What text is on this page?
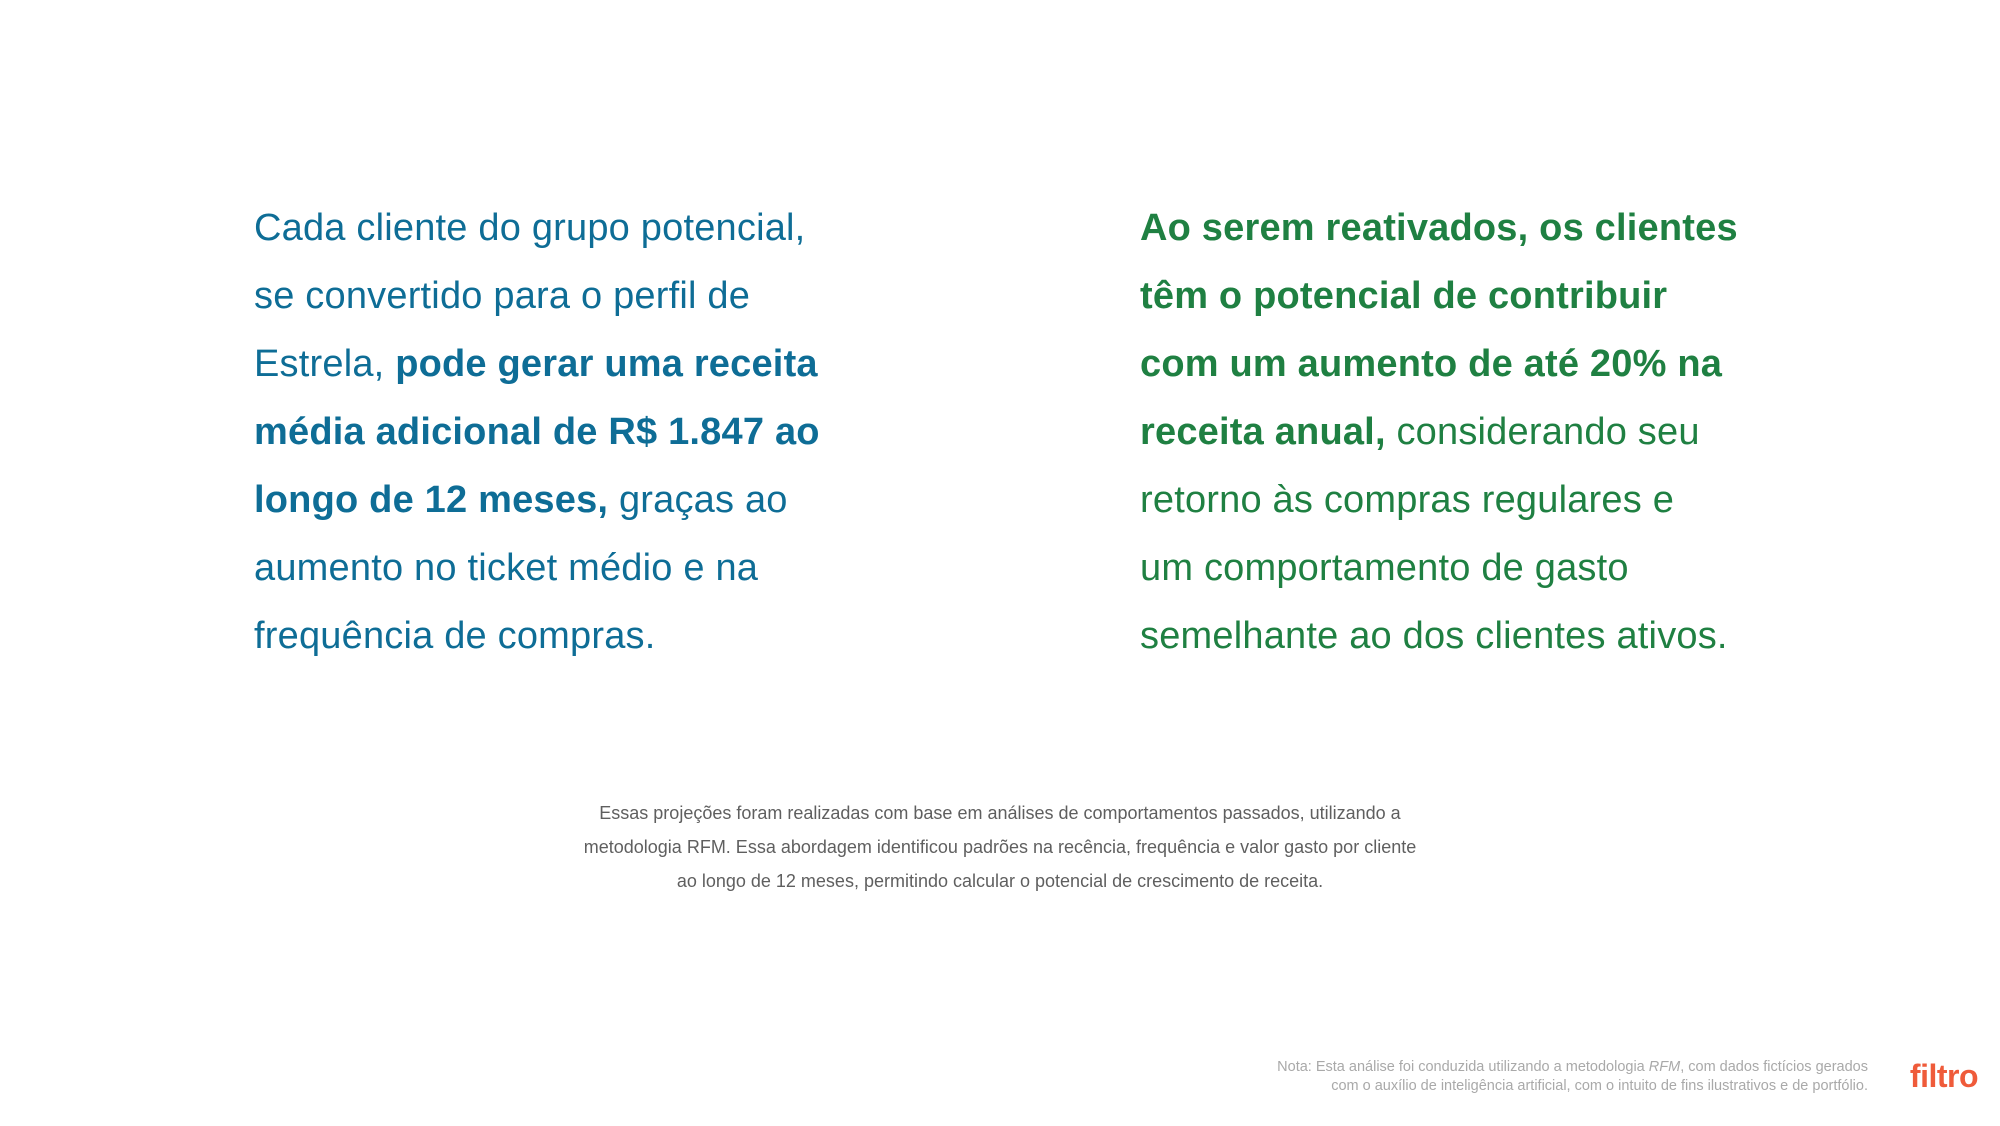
Cada cliente do grupo potencial,
se convertido para o perfil de
Estrela, pode gerar uma receita
média adicional de R$ 1.847 ao
longo de 12 meses, graças ao
aumento no ticket médio e na
frequência de compras.
Ao serem reativados, os clientes
têm o potencial de contribuir
com um aumento de até 20% na
receita anual, considerando seu
retorno às compras regulares e
um comportamento de gasto
semelhante ao dos clientes ativos.
Essas projeções foram realizadas com base em análises de comportamentos passados, utilizando a
metodologia RFM. Essa abordagem identificou padrões na recência, frequência e valor gasto por cliente
ao longo de 12 meses, permitindo calcular o potencial de crescimento de receita.
Nota: Esta análise foi conduzida utilizando a metodologia RFM, com dados fictícios gerados
com o auxílio de inteligência artificial, com o intuito de fins ilustrativos e de portfólio. filtro
